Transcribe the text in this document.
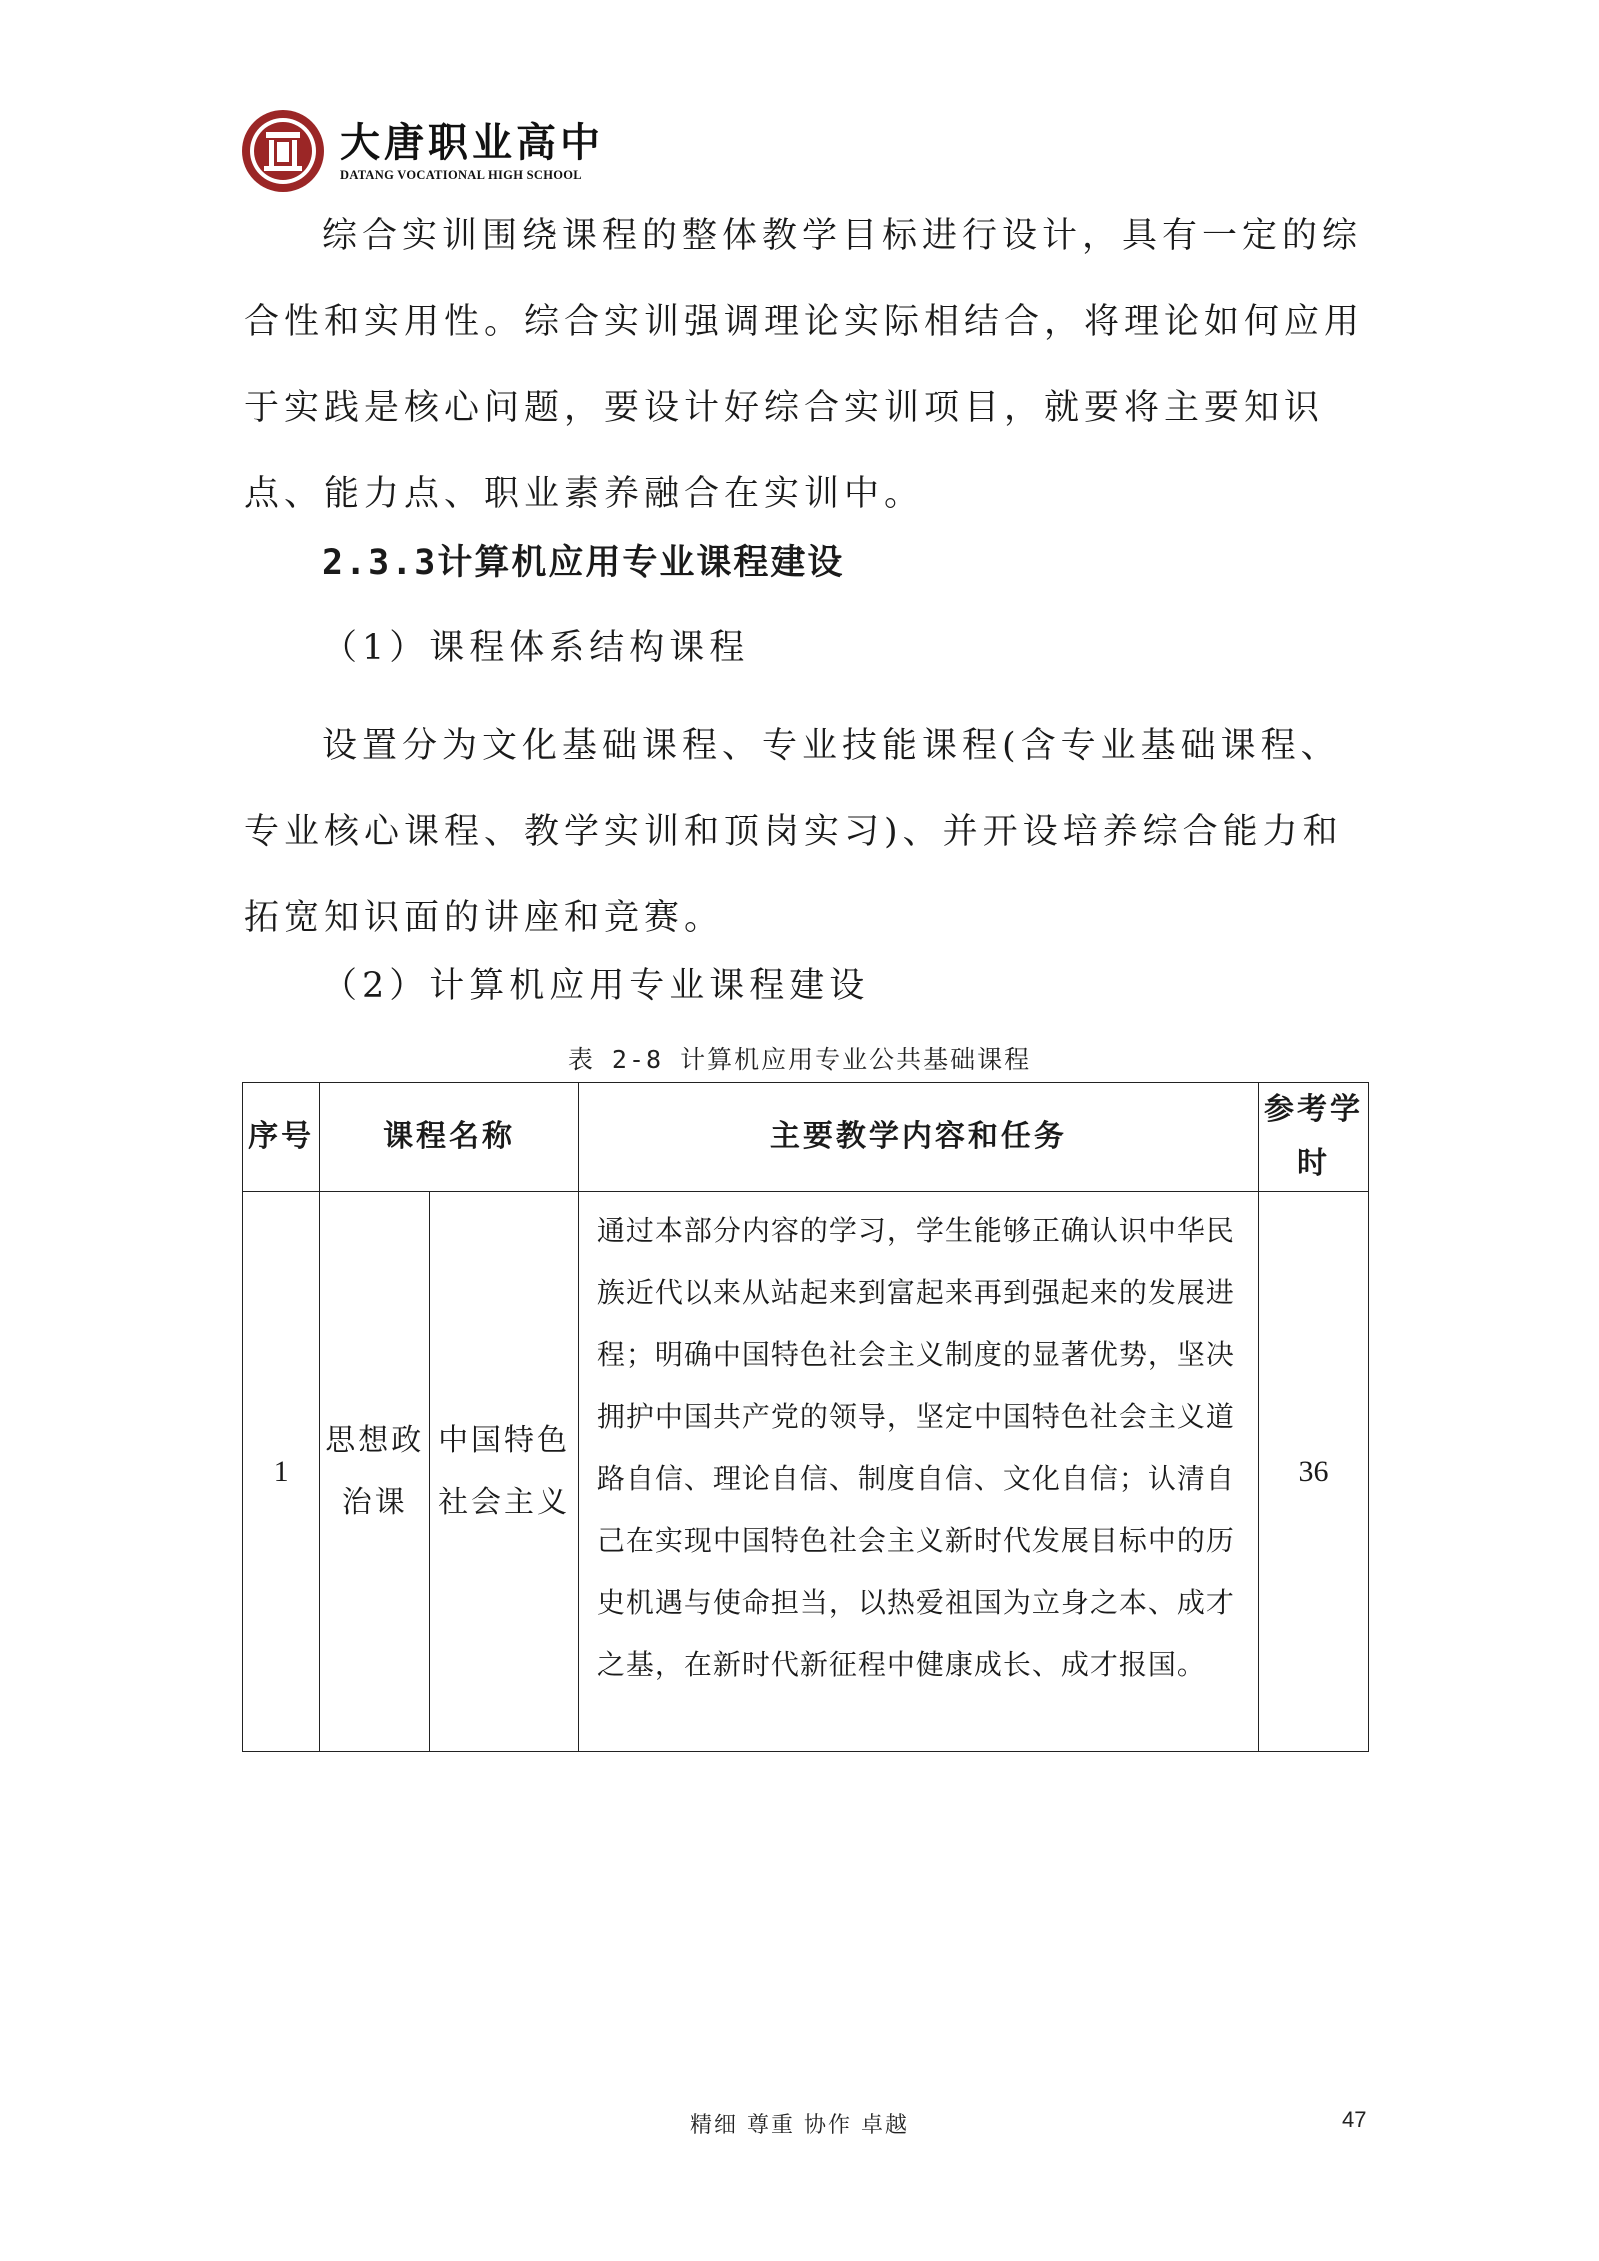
大唐职业高中
DATANG VOCATIONAL HIGH SCHOOL
综合实训围绕课程的整体教学目标进行设计，具有一定的综合性和实用性。综合实训强调理论实际相结合，将理论如何应用于实践是核心问题，要设计好综合实训项目，就要将主要知识点、能力点、职业素养融合在实训中。
2.3.3计算机应用专业课程建设
（1）课程体系结构课程
设置分为文化基础课程、专业技能课程(含专业基础课程、专业核心课程、教学实训和顶岗实习)、并开设培养综合能力和拓宽知识面的讲座和竞赛。
（2）计算机应用专业课程建设
表 2-8 计算机应用专业公共基础课程
序号	课程名称		主要教学内容和任务	参考学时
1	思想政治课	中国特色社会主义	通过本部分内容的学习，学生能够正确认识中华民族近代以来从站起来到富起来再到强起来的发展进程；明确中国特色社会主义制度的显著优势，坚决拥护中国共产党的领导，坚定中国特色社会主义道路自信、理论自信、制度自信、文化自信；认清自己在实现中国特色社会主义新时代发展目标中的历史机遇与使命担当，以热爱祖国为立身之本、成才之基，在新时代新征程中健康成长、成才报国。	36
精细 尊重 协作 卓越	47
